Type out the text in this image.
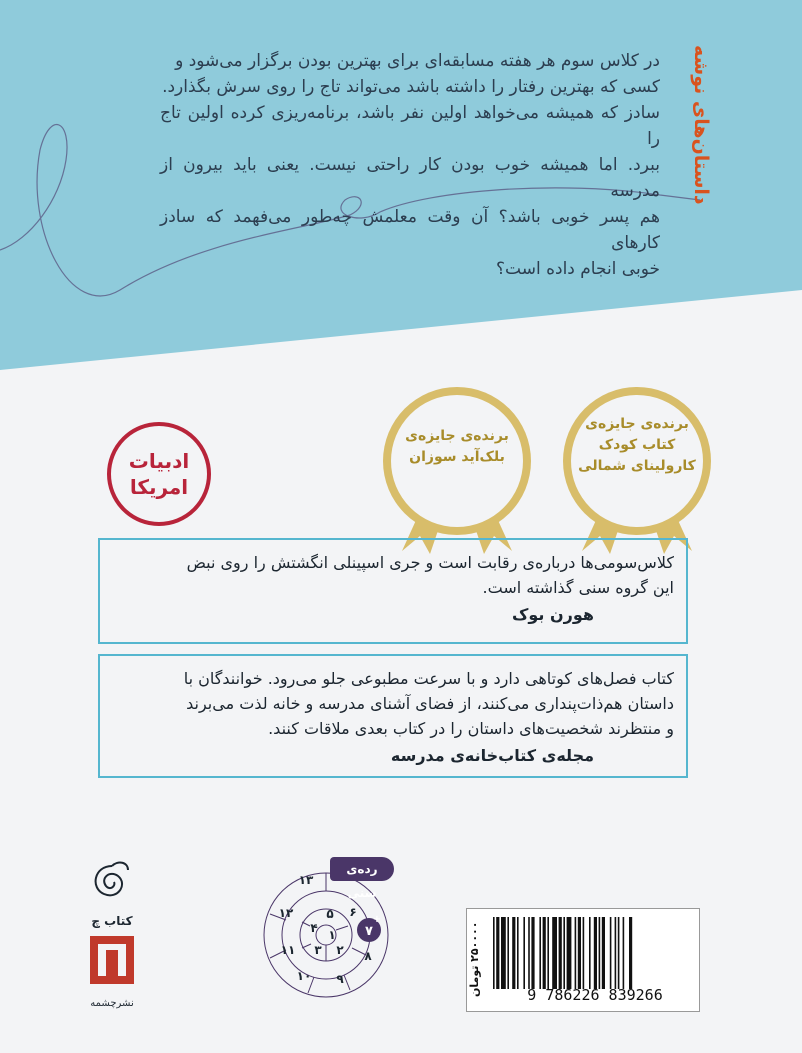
داستان‌های نوشه
در کلاس سوم هر هفته مسابقه‌ای برای بهترین بودن برگزار می‌شود و
کسی که بهترین رفتار را داشته باشد می‌تواند تاج را روی سرش بگذارد.
سادز که همیشه می‌خواهد اولین نفر باشد، برنامه‌ریزی کرده اولین تاج را
ببرد. اما همیشه خوب بودن کار راحتی نیست. یعنی باید بیرون از مدرسه
هم پسر خوبی باشد؟ آن وقت معلمش چه‌طور می‌فهمد که سادز کارهای
خوبی انجام داده است؟
برنده‌ی جایزه‌ی
کتاب کودک
کارولینای شمالی
برنده‌ی جایزه‌ی
بلک‌آید سوزان
ادبیات
امریکا
کلاس‌سومی‌ها درباره‌ی رقابت است و جری اسپینلی انگشتش را روی نبض
این گروه سنی گذاشته است.
هورن بوک
کتاب فصل‌های کوتاهی دارد و با سرعت مطبوعی جلو می‌رود. خوانندگان با
داستان هم‌ذات‌پنداری می‌کنند، از فضای آشنای مدرسه و خانه لذت می‌برند
و منتظرند شخصیت‌های داستان را در کتاب بعدی ملاقات کنند.
مجله‌ی کتاب‌خانه‌ی مدرسه
۷
+
۱
۲
۳
۴
۵ ۶
۸
۹
۱۰
۱۱
۱۲
۱۳
رده‌ی سنی
۲۵۰۰۰۰ تومان
9 786226 839266
کتاب چ
نشرچشمه
